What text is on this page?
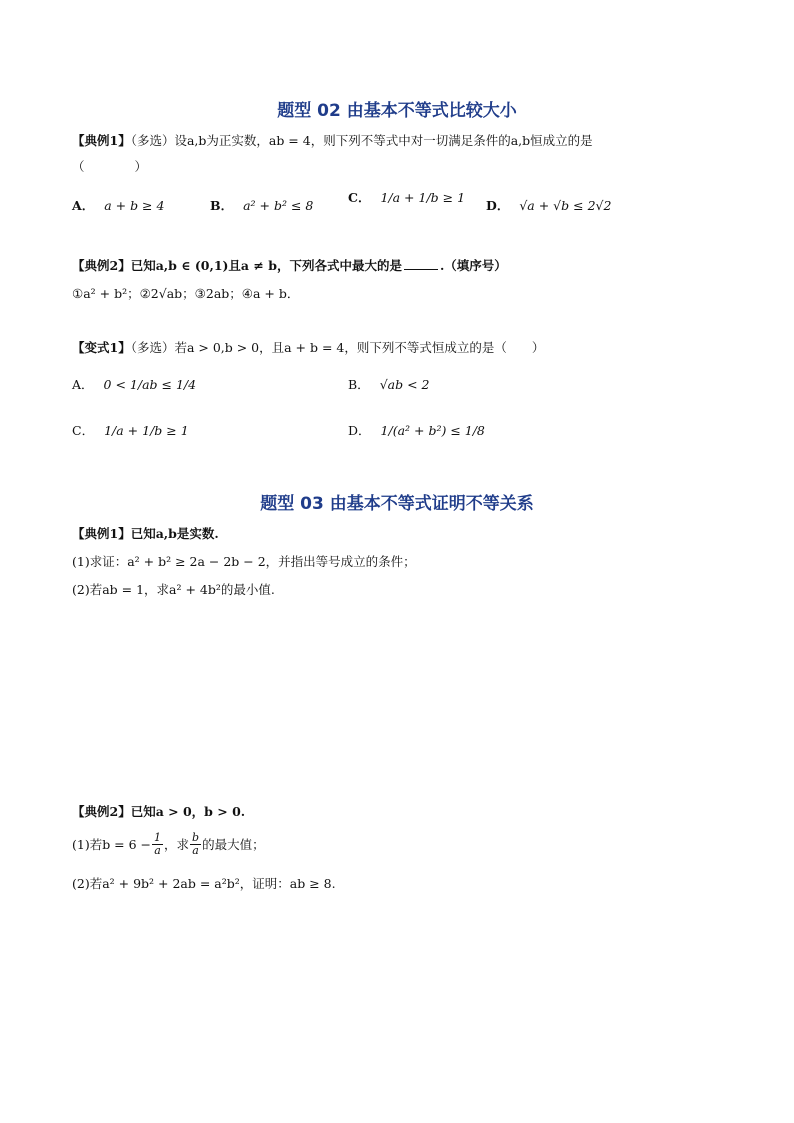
题型 02 由基本不等式比较大小
【典例1】（多选）设a,b为正实数，ab = 4，则下列不等式中对一切满足条件的a,b恒成立的是
（　　　　）
A． a + b ≥ 4	B． a² + b² ≤ 8	C． 1/a + 1/b ≥ 1
D． √a + √b ≤ 2√2
【典例2】已知a,b ∈ (0,1)且a ≠ b，下列各式中最大的是	.（填序号）
①a² + b²；②2√ab；③2ab；④a + b．
【变式1】（多选）若a > 0,b > 0，且a + b = 4，则下列不等式恒成立的是（　　）
A． 0 < 1/ab ≤ 1/4	B． √ab < 2
C． 1/a + 1/b ≥ 1	D． 1/(a² + b²) ≤ 1/8
题型 03 由基本不等式证明不等关系
【典例1】已知a,b是实数.
(1)求证：a² + b² ≥ 2a − 2b − 2，并指出等号成立的条件；
(2)若ab = 1，求a² + 4b²的最小值.
【典例2】已知a > 0，b > 0.
(1)若$b = 6 - \frac{1}{a}$ ，求 $\frac{b}{a}$ 的最大值；
(2)若a² + 9b² + 2ab = a²b²，证明：ab ≥ 8.
